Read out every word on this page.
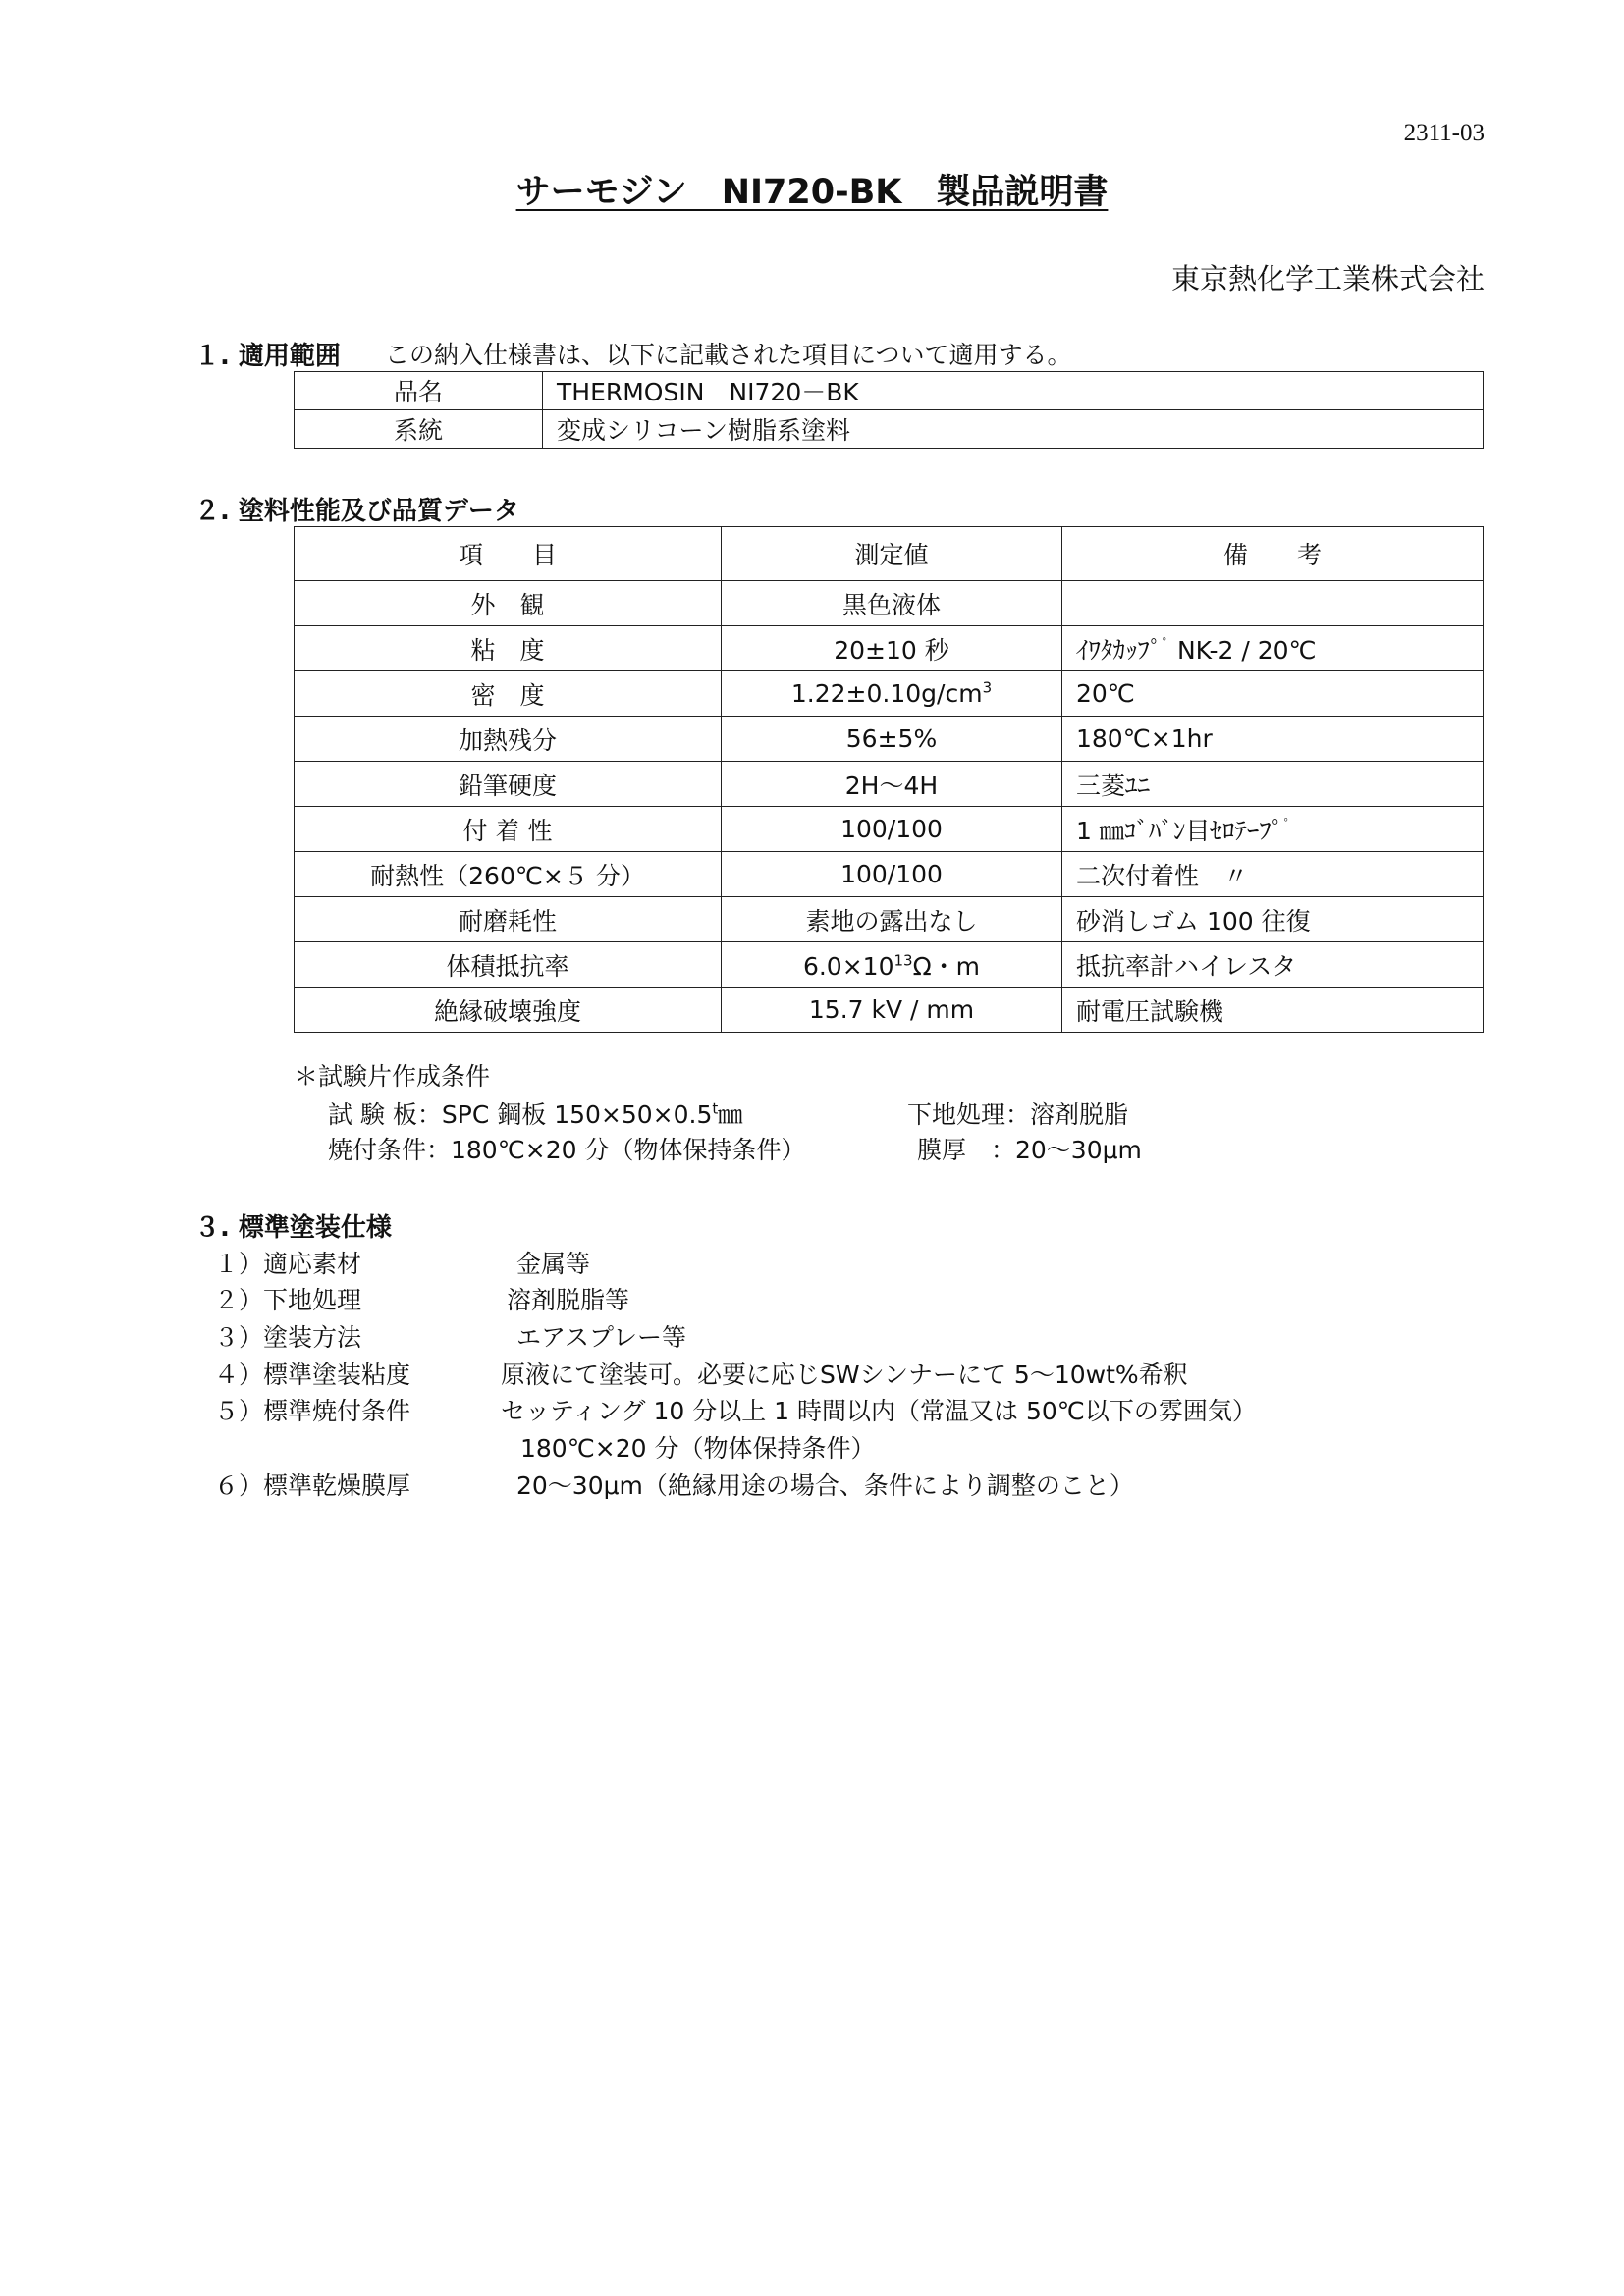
2311-03
サーモジン　NI720-BK　製品説明書
東京熱化学工業株式会社
１. 適用範囲 この納入仕様書は、以下に記載された項目について適用する。
品名	THERMOSIN　NI720－BK
系統	変成シリコーン樹脂系塗料
２. 塗料性能及び品質データ
項　　目	測定値	備　　考
外　観	黒色液体	
粘　度	20±10 秒	ｲﾜﾀｶｯﾌﾟ$^ﾟ$ NK-2 / 20℃
密　度	$1.22\pm 0.10g/cm^3$	20℃
加熱残分	56±5%	180℃×1hr
鉛筆硬度	2H～4H	三菱ﾕﾆ
付 着 性	100/100	1 ㎜ｺﾞﾊﾞﾝ目ｾﾛﾃｰﾌﾟ$^ﾟ$
耐熱性（260℃×５ 分）	100/100	二次付着性　〃
耐磨耗性	素地の露出なし	砂消しゴム 100 往復
体積抵抗率	$6.0\times 10^{13}\Omega$・m	抵抗率計ハイレスタ
絶縁破壊強度	15.7 kV / mm	耐電圧試験機
＊試験片作成条件
試 験 板：SPC 鋼板 $150\times 50\times 0.5^t㎜$	下地処理：溶剤脱脂
焼付条件：180℃×20 分（物体保持条件）	膜厚　：20～30μm
３. 標準塗装仕様
１）適応素材	金属等
２）下地処理	溶剤脱脂等
３）塗装方法	エアスプレー等
４）標準塗装粘度	原液にて塗装可。必要に応じSWシンナーにて 5～10wt%希釈
５）標準焼付条件	セッティング 10 分以上 1 時間以内（常温又は 50℃以下の雰囲気）
180℃×20 分（物体保持条件）
６）標準乾燥膜厚	20～30μm（絶縁用途の場合、条件により調整のこと）
